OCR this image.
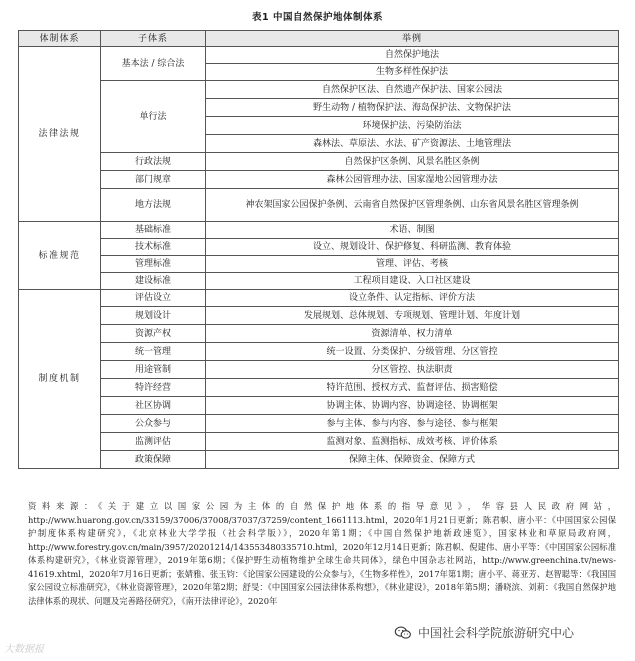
表1 中国自然保护地体制体系
体制体系	子体系	举例
法律法规	基本法 / 综合法	自然保护地法
		生物多样性保护法
	单行法	自然保护区法、自然遗产保护法、国家公园法
		野生动物 / 植物保护法、海岛保护法、文物保护法
		环境保护法、污染防治法
		森林法、草原法、水法、矿产资源法、土地管理法
	行政法规	自然保护区条例、风景名胜区条例
	部门规章	森林公园管理办法、国家湿地公园管理办法
	地方法规	神农架国家公园保护条例、云南省自然保护区管理条例、山东省风景名胜区管理条例
标准规范	基础标准	术语、制图
	技术标准	设立、规划设计、保护修复、科研监测、教育体验
	管理标准	管理、评估、考核
	建设标准	工程项目建设、入口社区建设
制度机制	评估设立	设立条件、认定指标、评价方法
	规划设计	发展规划、总体规划、专项规划、管理计划、年度计划
	资源产权	资源清单、权力清单
	统一管理	统一设置、分类保护、分级管理、分区管控
	用途管制	分区管控、执法职责
	特许经营	特许范围、授权方式、监督评估、损害赔偿
	社区协调	协调主体、协调内容、协调途径、协调框架
	公众参与	参与主体、参与内容、参与途径、参与框架
	监测评估	监测对象、监测指标、成效考核、评价体系
	政策保障	保障主体、保障资金、保障方式
资料来源：《关于建立以国家公园为主体的自然保护地体系的指导意见》，华容县人民政府网站，http://www.huarong.gov.cn/33159/37006/37008/37037/37259/content_1661113.html，2020年1月21日更新；陈君帜、唐小平：《中国国家公园保护制度体系构建研究》，《北京林业大学学报（社会科学版）》，2020年第1期；《中国自然保护地新政速览》，国家林业和草原局政府网，http://www.forestry.gov.cn/main/3957/20201214/143553480335710.html，2020年12月14日更新；陈君帜、倪建伟、唐小平等：《中国国家公园标准体系构建研究》，《林业资源管理》，2019年第6期；《保护野生动植物维护全球生命共同体》，绿色中国杂志社网站，http://www.greenchina.tv/news-41619.xhtml，2020年7月16日更新；张婧雅、张玉钧：《论国家公园建设的公众参与》，《生物多样性》，2017年第1期；唐小平、蒋亚芳、赵智聪等：《我国国家公园设立标准研究》，《林业资源管理》，2020年第2期；舒旻：《中国国家公园法律体系构想》，《林业建设》，2018年第5期；潘晓滨、刘莉：《我国自然保护地法律体系的现状、问题及完善路径研究》，《南开法律评论》，2020年
大数据报
中国社会科学院旅游研究中心
